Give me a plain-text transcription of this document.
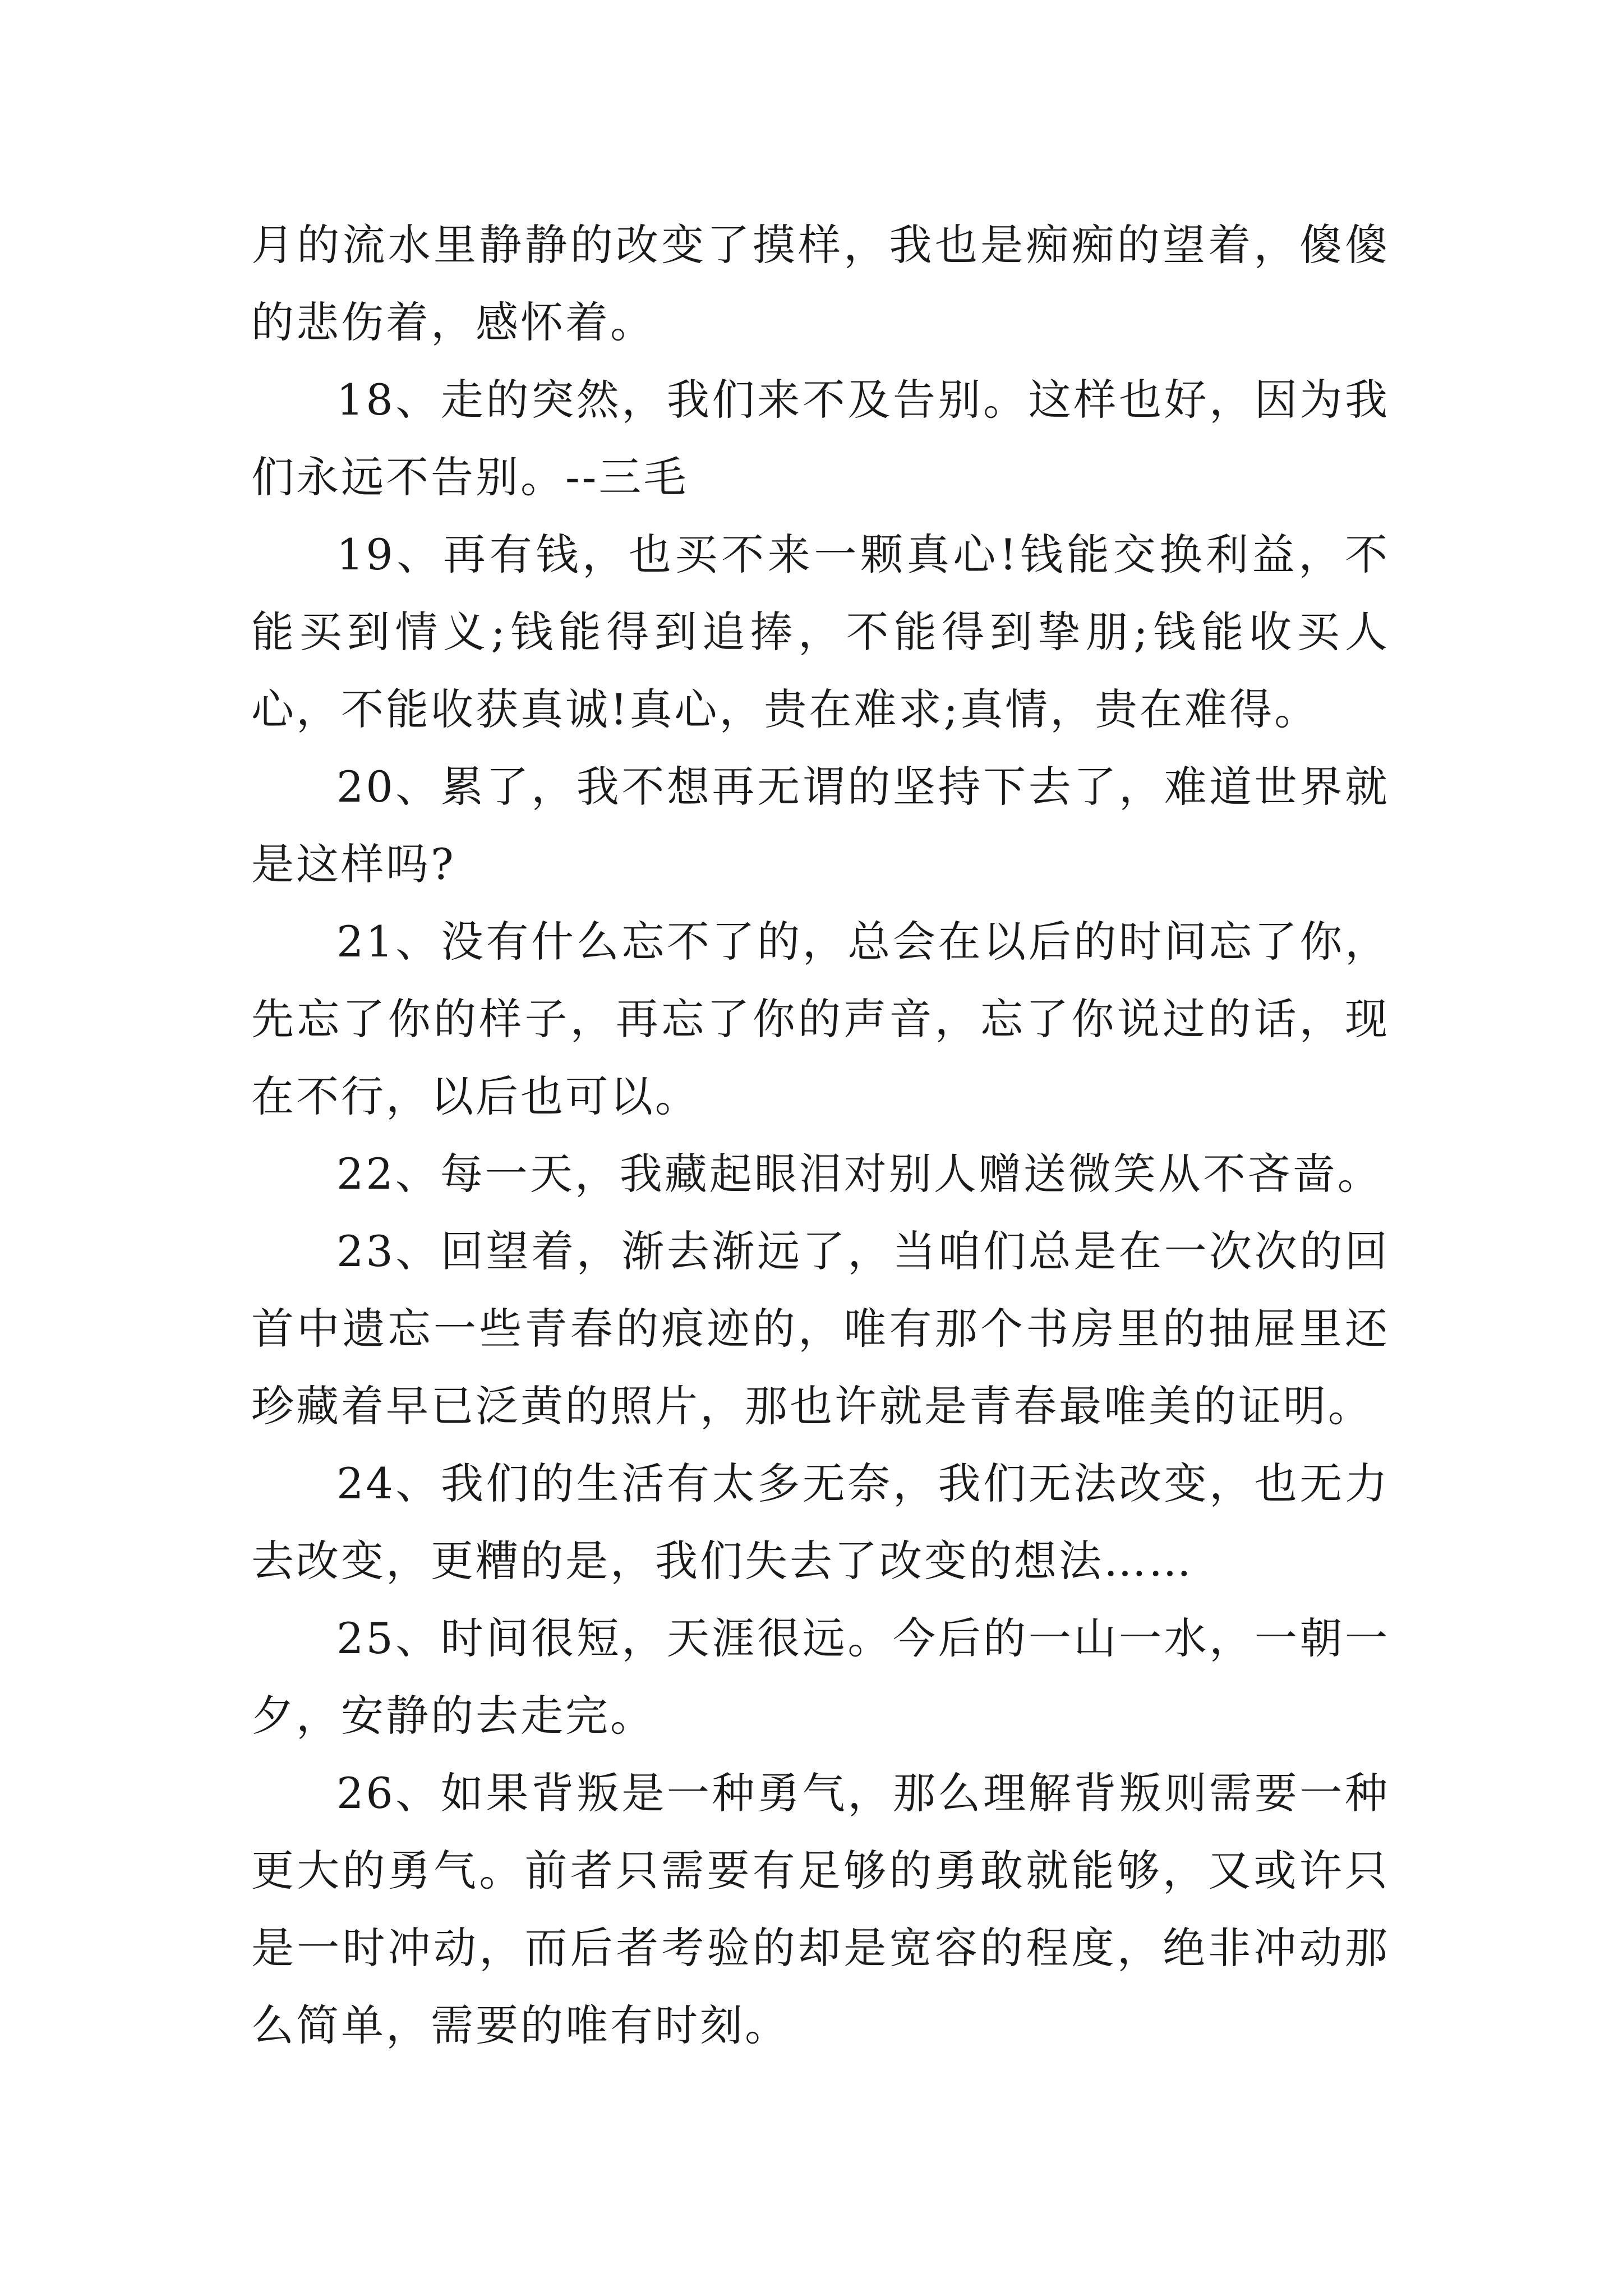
月的流水里静静的改变了摸样，我也是痴痴的望着，傻傻的悲伤着，感怀着。

18、走的突然，我们来不及告别。这样也好，因为我们永远不告别。--三毛

19、再有钱，也买不来一颗真心!钱能交换利益，不能买到情义;钱能得到追捧，不能得到挚朋;钱能收买人心，不能收获真诚!真心，贵在难求;真情，贵在难得。

20、累了，我不想再无谓的坚持下去了，难道世界就是这样吗?

21、没有什么忘不了的，总会在以后的时间忘了你，先忘了你的样子，再忘了你的声音，忘了你说过的话，现在不行，以后也可以。

22、每一天，我藏起眼泪对别人赠送微笑从不吝啬。

23、回望着，渐去渐远了，当咱们总是在一次次的回首中遗忘一些青春的痕迹的，唯有那个书房里的抽屉里还珍藏着早已泛黄的照片，那也许就是青春最唯美的证明。

24、我们的生活有太多无奈，我们无法改变，也无力去改变，更糟的是，我们失去了改变的想法……

25、时间很短，天涯很远。今后的一山一水，一朝一夕，安静的去走完。

26、如果背叛是一种勇气，那么理解背叛则需要一种更大的勇气。前者只需要有足够的勇敢就能够，又或许只是一时冲动，而后者考验的却是宽容的程度，绝非冲动那么简单，需要的唯有时刻。
